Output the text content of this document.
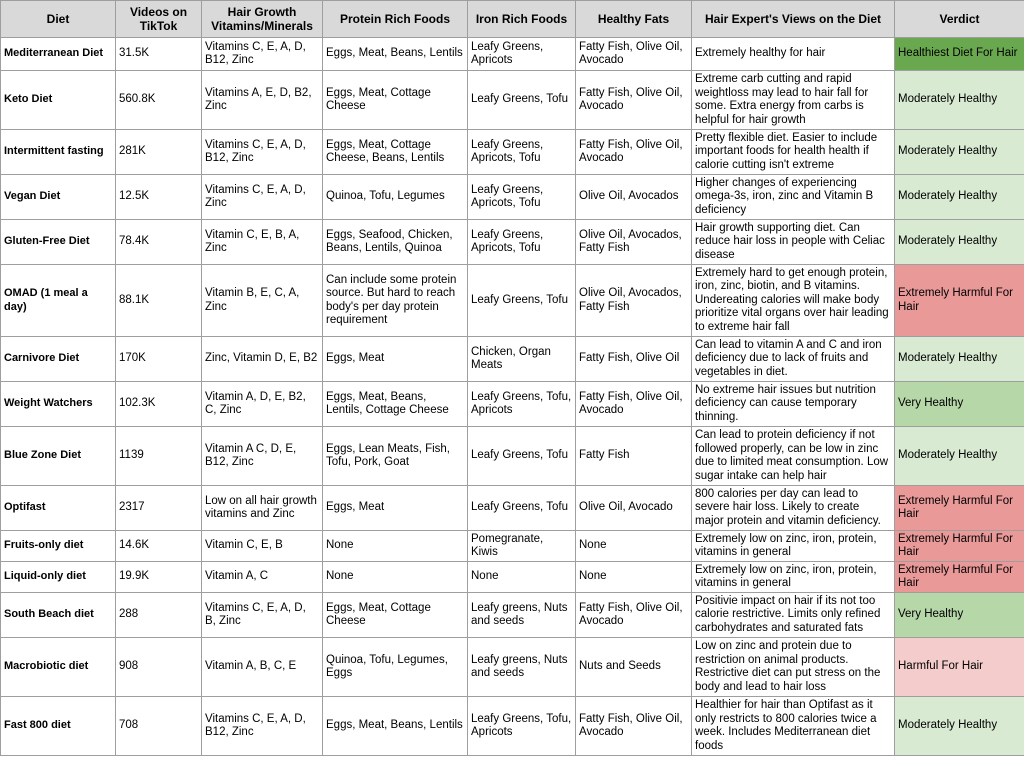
Diet	Videos on TikTok	Hair Growth Vitamins/Minerals	Protein Rich Foods	Iron Rich Foods	Healthy Fats	Hair Expert's Views on the Diet	Verdict
Mediterranean Diet	31.5K	Vitamins C, E, A, D, B12, Zinc	Eggs, Meat, Beans, Lentils	Leafy Greens, Apricots	Fatty Fish, Olive Oil, Avocado	Extremely healthy for hair	Healthiest Diet For Hair
Keto Diet	560.8K	Vitamins A, E, D, B2, Zinc	Eggs, Meat, Cottage Cheese	Leafy Greens, Tofu	Fatty Fish, Olive Oil, Avocado	Extreme carb cutting and rapid weightloss may lead to hair fall for some. Extra energy from carbs is helpful for hair growth	Moderately Healthy
Intermittent fasting	281K	Vitamins C, E, A, D, B12, Zinc	Eggs, Meat, Cottage Cheese, Beans, Lentils	Leafy Greens, Apricots, Tofu	Fatty Fish, Olive Oil, Avocado	Pretty flexible diet. Easier to include important foods for health health if calorie cutting isn't extreme	Moderately Healthy
Vegan Diet	12.5K	Vitamins C, E, A, D, Zinc	Quinoa, Tofu, Legumes	Leafy Greens, Apricots, Tofu	Olive Oil, Avocados	Higher changes of experiencing omega-3s, iron, zinc and Vitamin B deficiency	Moderately Healthy
Gluten-Free Diet	78.4K	Vitamin C, E, B, A, Zinc	Eggs, Seafood, Chicken, Beans, Lentils, Quinoa	Leafy Greens, Apricots, Tofu	Olive Oil, Avocados, Fatty Fish	Hair growth supporting diet. Can reduce hair loss in people with Celiac disease	Moderately Healthy
OMAD (1 meal a day)	88.1K	Vitamin B, E, C, A, Zinc	Can include some protein source. But hard to reach body's per day protein requirement	Leafy Greens, Tofu	Olive Oil, Avocados, Fatty Fish	Extremely hard to get enough protein, iron, zinc, biotin, and B vitamins. Undereating calories will make body prioritize vital organs over hair leading to extreme hair fall	Extremely Harmful For Hair
Carnivore Diet	170K	Zinc, Vitamin D, E, B2	Eggs, Meat	Chicken, Organ Meats	Fatty Fish, Olive Oil	Can lead to vitamin A and C and iron deficiency due to lack of fruits and vegetables in diet.	Moderately Healthy
Weight Watchers	102.3K	Vitamin A, D, E, B2, C, Zinc	Eggs, Meat, Beans, Lentils, Cottage Cheese	Leafy Greens, Tofu, Apricots	Fatty Fish, Olive Oil, Avocado	No extreme hair issues but nutrition deficiency can cause temporary thinning.	Very Healthy
Blue Zone Diet	1139	Vitamin A C, D, E, B12, Zinc	Eggs, Lean Meats, Fish, Tofu, Pork, Goat	Leafy Greens, Tofu	Fatty Fish	Can lead to protein deficiency if not followed properly, can be low in zinc due to limited meat consumption. Low sugar intake can help hair	Moderately Healthy
Optifast	2317	Low on all hair growth vitamins and Zinc	Eggs, Meat	Leafy Greens, Tofu	Olive Oil, Avocado	800 calories per day can lead to severe hair loss. Likely to create major protein and vitamin deficiency.	Extremely Harmful For Hair
Fruits-only diet	14.6K	Vitamin C, E, B	None	Pomegranate, Kiwis	None	Extremely low on zinc, iron, protein, vitamins in general	Extremely Harmful For Hair
Liquid-only diet	19.9K	Vitamin A, C	None	None	None	Extremely low on zinc, iron, protein, vitamins in general	Extremely Harmful For Hair
South Beach diet	288	Vitamins C, E, A, D, B, Zinc	Eggs, Meat, Cottage Cheese	Leafy greens, Nuts and seeds	Fatty Fish, Olive Oil, Avocado	Positivie impact on hair if its not too calorie restrictive. Limits only refined carbohydrates and saturated fats	Very Healthy
Macrobiotic diet	908	Vitamin A, B, C, E	Quinoa, Tofu, Legumes, Eggs	Leafy greens, Nuts and seeds	Nuts and Seeds	Low on zinc and protein due to restriction on animal products. Restrictive diet can put stress on the body and lead to hair loss	Harmful For Hair
Fast 800 diet	708	Vitamins C, E, A, D, B12, Zinc	Eggs, Meat, Beans, Lentils	Leafy Greens, Tofu, Apricots	Fatty Fish, Olive Oil, Avocado	Healthier for hair than Optifast as it only restricts to 800 calories twice a week. Includes Mediterranean diet foods	Moderately Healthy
